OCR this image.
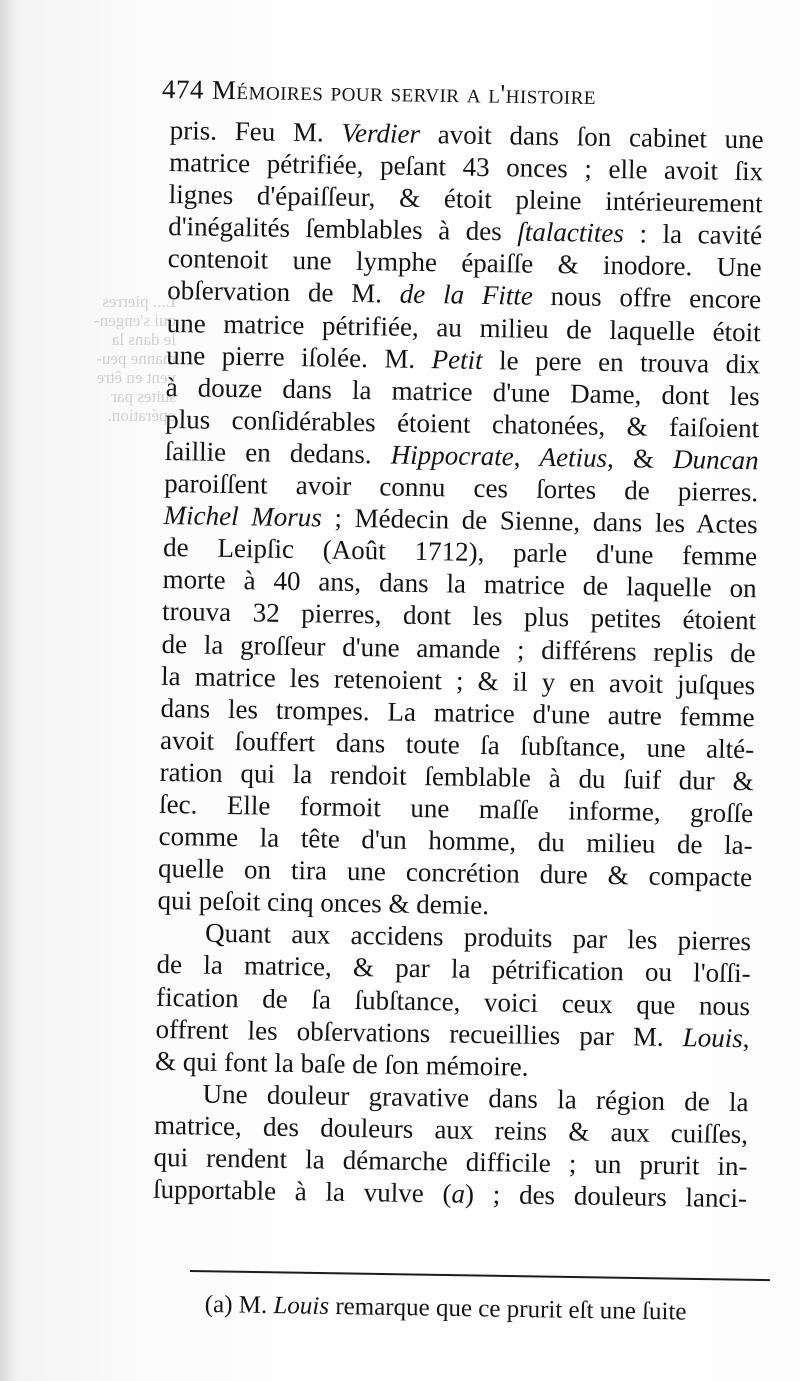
L... pierres
qui s'engen-
le dans la
manne peu-
vent en être
suites par
opération.
474 Mémoires pour servir a l'histoire
pris. Feu M. Verdier avoit dans ſon cabinet une
matrice pétrifiée, peſant 43 onces ; elle avoit ſix
lignes d'épaiſſeur, & étoit pleine intérieurement
d'inégalités ſemblables à des ſtalactites : la cavité
contenoit une lymphe épaiſſe & inodore. Une
obſervation de M. de la Fitte nous offre encore
une matrice pétrifiée, au milieu de laquelle étoit
une pierre iſolée. M. Petit le pere en trouva dix
à douze dans la matrice d'une Dame, dont les
plus conſidérables étoient chatonées, & faiſoient
ſaillie en dedans. Hippocrate, Aetius, & Duncan
paroiſſent avoir connu ces ſortes de pierres.
Michel Morus ; Médecin de Sienne, dans les Actes
de Leipſic (Août 1712), parle d'une femme
morte à 40 ans, dans la matrice de laquelle on
trouva 32 pierres, dont les plus petites étoient
de la groſſeur d'une amande ; différens replis de
la matrice les retenoient ; & il y en avoit juſques
dans les trompes. La matrice d'une autre femme
avoit ſouffert dans toute ſa ſubſtance, une alté-
ration qui la rendoit ſemblable à du ſuif dur &
ſec. Elle formoit une maſſe informe, groſſe
comme la tête d'un homme, du milieu de la-
quelle on tira une concrétion dure & compacte
qui peſoit cinq onces & demie.
Quant aux accidens produits par les pierres
de la matrice, & par la pétrification ou l'oſſi-
fication de ſa ſubſtance, voici ceux que nous
offrent les obſervations recueillies par M. Louis,
& qui font la baſe de ſon mémoire.
Une douleur gravative dans la région de la
matrice, des douleurs aux reins & aux cuiſſes,
qui rendent la démarche difficile ; un prurit in-
ſupportable à la vulve (a) ; des douleurs lanci-
(a) M. Louis remarque que ce prurit eſt une ſuite
